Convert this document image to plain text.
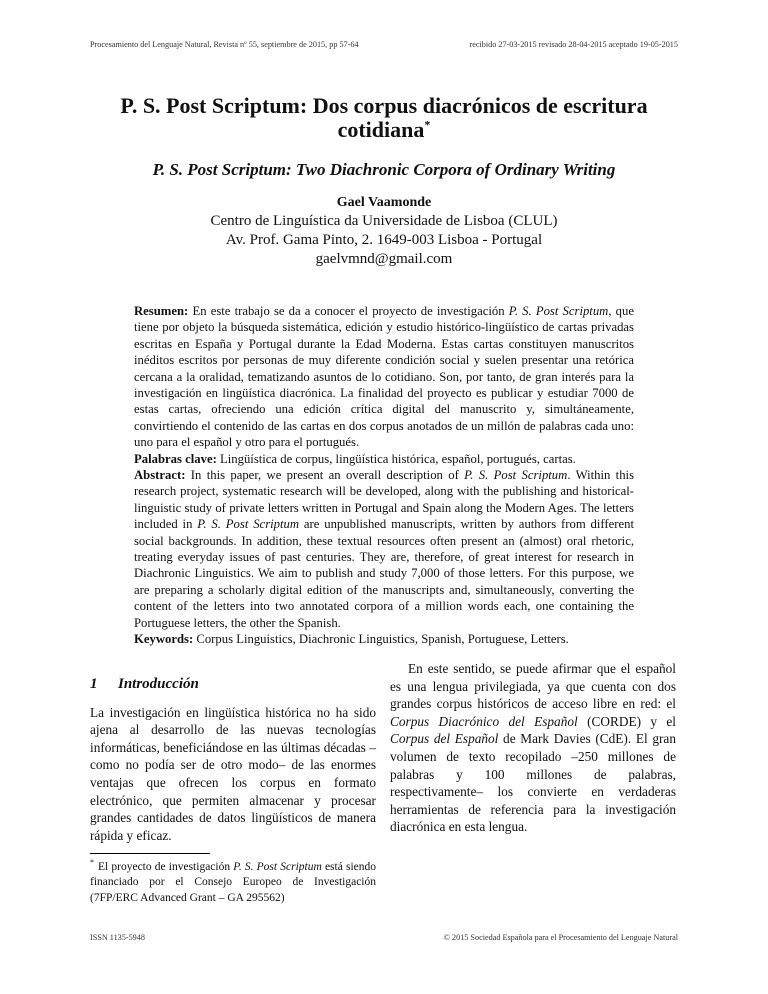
Procesamiento del Lenguaje Natural, Revista nº 55, septiembre de 2015, pp 57-64	recibido 27-03-2015 revisado 28-04-2015 aceptado 19-05-2015
P. S. Post Scriptum: Dos corpus diacrónicos de escritura cotidiana*
P. S. Post Scriptum: Two Diachronic Corpora of Ordinary Writing
Gael Vaamonde
Centro de Linguística da Universidade de Lisboa (CLUL)
Av. Prof. Gama Pinto, 2. 1649-003 Lisboa - Portugal
gaelvmnd@gmail.com

Resumen: En este trabajo se da a conocer el proyecto de investigación P. S. Post Scriptum, que tiene por objeto la búsqueda sistemática, edición y estudio histórico-lingüístico de cartas privadas escritas en España y Portugal durante la Edad Moderna. Estas cartas constituyen manuscritos inéditos escritos por personas de muy diferente condición social y suelen presentar una retórica cercana a la oralidad, tematizando asuntos de lo cotidiano. Son, por tanto, de gran interés para la investigación en lingüística diacrónica. La finalidad del proyecto es publicar y estudiar 7000 de estas cartas, ofreciendo una edición crítica digital del manuscrito y, simultáneamente, convirtiendo el contenido de las cartas en dos corpus anotados de un millón de palabras cada uno: uno para el español y otro para el portugués.

Palabras clave: Lingüística de corpus, lingüística histórica, español, portugués, cartas.

Abstract: In this paper, we present an overall description of P. S. Post Scriptum. Within this research project, systematic research will be developed, along with the publishing and historical-linguistic study of private letters written in Portugal and Spain along the Modern Ages. The letters included in P. S. Post Scriptum are unpublished manuscripts, written by authors from different social backgrounds. In addition, these textual resources often present an (almost) oral rhetoric, treating everyday issues of past centuries. They are, therefore, of great interest for research in Diachronic Linguistics. We aim to publish and study 7,000 of those letters. For this purpose, we are preparing a scholarly digital edition of the manuscripts and, simultaneously, converting the content of the letters into two annotated corpora of a million words each, one containing the Portuguese letters, the other the Spanish.

Keywords: Corpus Linguistics, Diachronic Linguistics, Spanish, Portuguese, Letters.

1 Introducción

La investigación en lingüística histórica no ha sido ajena al desarrollo de las nuevas tecnologías informáticas, beneficiándose en las últimas décadas –como no podía ser de otro modo– de las enormes ventajas que ofrecen los corpus en formato electrónico, que permiten almacenar y procesar grandes cantidades de datos lingüísticos de manera rápida y eficaz.

En este sentido, se puede afirmar que el español es una lengua privilegiada, ya que cuenta con dos grandes corpus históricos de acceso libre en red: el Corpus Diacrónico del Español (CORDE) y el Corpus del Español de Mark Davies (CdE). El gran volumen de texto recopilado –250 millones de palabras y 100 millones de palabras, respectivamente– los convierte en verdaderas herramientas de referencia para la investigación diacrónica en esta lengua.

* El proyecto de investigación P. S. Post Scriptum está siendo financiado por el Consejo Europeo de Investigación (7FP/ERC Advanced Grant – GA 295562)
ISSN 1135-5948	© 2015 Sociedad Española para el Procesamiento del Lenguaje Natural
